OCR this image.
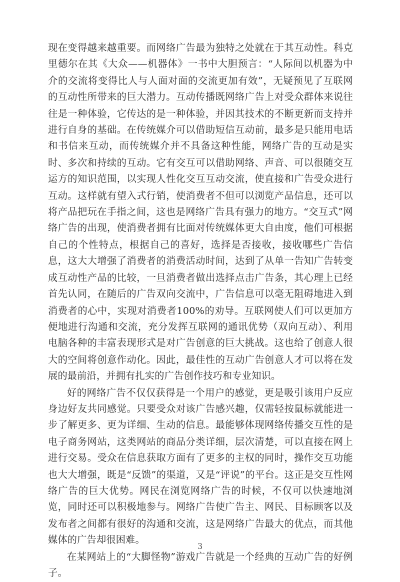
现在变得越来越重要。而网络广告最为独特之处就在于其互动性。科克里德尔在其《大众——机器体》一书中大胆预言：“人际间以机器为中介的交流将变得比人与人面对面的交流更加有效”，无疑预见了互联网的互动性所带来的巨大潜力。互动传播既网络广告上对受众群体来说往往是一种体验，它传达的是一种体验，并因其技术的不断更新而支持并进行自身的基础。在传统媒介可以借助短信互动前，最多是只能用电话和书信来互动，而传统媒介并不具备这种性能，网络广告的互动是实时、多次和持续的互动。它有交互可以借助网络、声音、可以很随交互运方的知识范围，以实现人性化交互互动交流，使直接和广告受众进行互动。这样就有望入式行销，使消费者不但可以浏览产品信息，还可以将产品把玩在手指之间，这也是网络广告具有强力的地方。“交互式”网络广告的出现，使消费者拥有比面对传统媒体更大自由度，他们可根据自己的个性特点，根据自己的喜好，选择是否接收，接收哪些广告信息，这大大增强了消费者的消费活动时间，达到了从单一告知广告转变成互动性产品的比较，一旦消费者做出选择点击广告条，其心理上已经首先认同，在随后的广告双向交流中，广告信息可以毫无阻碍地进入到消费者的心中，实现对消费者100%的劝导。互联网使人们可以更加方便地进行沟通和交流，充分发挥互联网的通讯优势（双向互动）、利用电脑各种的丰富表现形式是对广告创意的巨大挑战。这也给了创意人很大的空间将创意作动化。因此，最佳性的互动广告创意人才可以将在发展的最前沿，并拥有扎实的广告创作技巧和专业知识。

好的网络广告不仅仅获得是一个用户的感觉，更是吸引该用户反应身边好友共同感觉。只要受众对该广告感兴趣，仅需轻按鼠标就能进一步了解更多、更为详细、生动的信息。最能够体现网络传播交互性的是电子商务网站，这类网站的商品分类详细，层次清楚，可以直接在网上进行交易。受众在信息获取方面有了更多的主权的同时，操作交互功能也大大增强，既是“反馈”的渠道，又是“评说”的平台。这正是交互性网络广告的巨大优势。网民在浏览网络广告的时候，不仅可以快速地浏览，同时还可以积极地参与。网络广告使广告主、网民、目标顾客以及发布者之间都有很好的沟通和交流，这是网络广告最大的优点，而其他媒体的广告却很困难。

在某网站上的“大脚怪物”游戏广告就是一个经典的互动广告的好例子。

3
